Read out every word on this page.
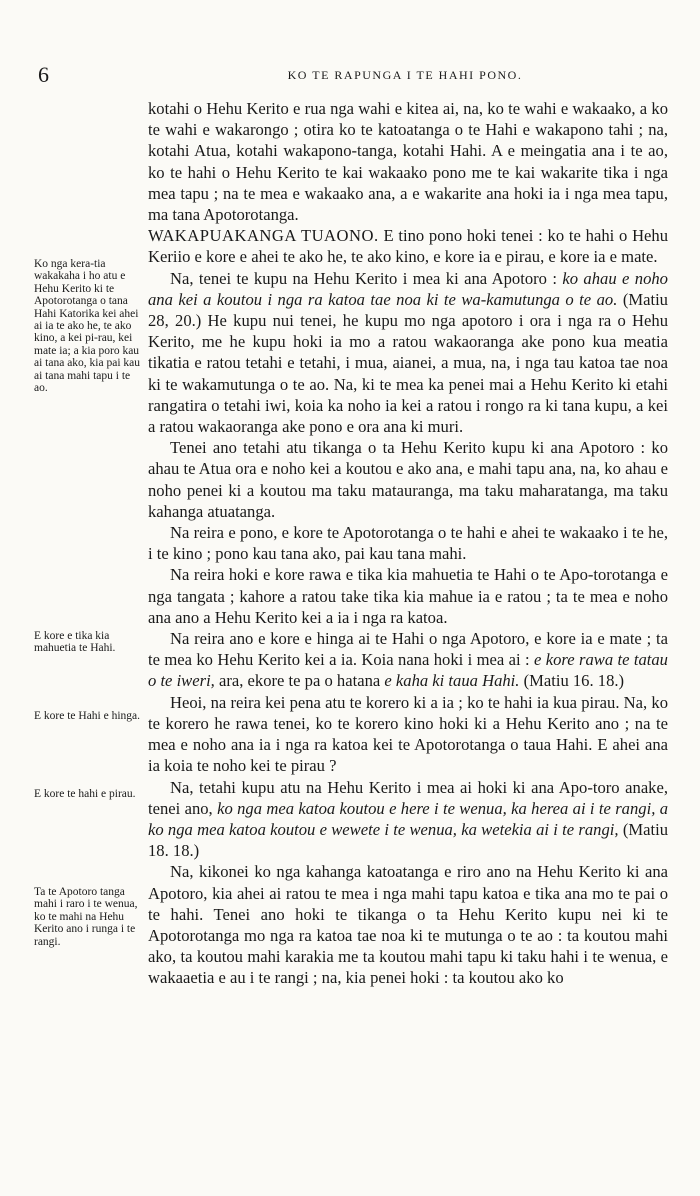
6	KO TE RAPUNGA I TE HAHI PONO.

Ko nga kera-tia wakakaha i ho atu e Hehu Kerito ki te Apotorotanga o tana Hahi Katorika kei ahei ai ia te ako he, te ako kino, a kei pi-rau, kei mate ia; a kia poro kau ai tana ako, kia pai kau ai tana mahi tapu i te ao.

E kore e tika kia mahuetia te Hahi.

E kore te Hahi e hinga.

E kore te hahi e pirau.

Ta te Apotoro tanga mahi i raro i te wenua, ko te mahi na Hehu Kerito ano i runga i te rangi.

kotahi o Hehu Kerito e rua nga wahi e kitea ai, na, ko te wahi e wakaako, a ko te wahi e wakarongo ; otira ko te katoatanga o te Hahi e wakapono tahi ; na, kotahi Atua, kotahi wakapono-tanga, kotahi Hahi. A e meingatia ana i te ao, ko te hahi o Hehu Kerito te kai wakaako pono me te kai wakarite tika i nga mea tapu ; na te mea e wakaako ana, a e wakarite ana hoki ia i nga mea tapu, ma tana Apotorotanga.

WAKAPUAKANGA TUAONO. E tino pono hoki tenei : ko te hahi o Hehu Keriio e kore e ahei te ako he, te ako kino, e kore ia e pirau, e kore ia e mate.

Na, tenei te kupu na Hehu Kerito i mea ki ana Apotoro : ko ahau e noho ana kei a koutou i nga ra katoa tae noa ki te wa-kamutunga o te ao. (Matiu 28, 20.) He kupu nui tenei, he kupu mo nga apotoro i ora i nga ra o Hehu Kerito, me he kupu hoki ia mo a ratou wakaoranga ake pono kua meatia tikatia e ratou tetahi e tetahi, i mua, aianei, a mua, na, i nga tau katoa tae noa ki te wakamutunga o te ao. Na, ki te mea ka penei mai a Hehu Kerito ki etahi rangatira o tetahi iwi, koia ka noho ia kei a ratou i rongo ra ki tana kupu, a kei a ratou wakaoranga ake pono e ora ana ki muri.

Tenei ano tetahi atu tikanga o ta Hehu Kerito kupu ki ana Apotoro : ko ahau te Atua ora e noho kei a koutou e ako ana, e mahi tapu ana, na, ko ahau e noho penei ki a koutou ma taku matauranga, ma taku maharatanga, ma taku kahanga atuatanga.

Na reira e pono, e kore te Apotorotanga o te hahi e ahei te wakaako i te he, i te kino ; pono kau tana ako, pai kau tana mahi.

Na reira hoki e kore rawa e tika kia mahuetia te Hahi o te Apo-torotanga e nga tangata ; kahore a ratou take tika kia mahue ia e ratou ; ta te mea e noho ana ano a Hehu Kerito kei a ia i nga ra katoa.

Na reira ano e kore e hinga ai te Hahi o nga Apotoro, e kore ia e mate ; ta te mea ko Hehu Kerito kei a ia. Koia nana hoki i mea ai : e kore rawa te tatau o te iweri, ara, ekore te pa o hatana e kaha ki taua Hahi. (Matiu 16. 18.)

Heoi, na reira kei pena atu te korero ki a ia ; ko te hahi ia kua pirau. Na, ko te korero he rawa tenei, ko te korero kino hoki ki a Hehu Kerito ano ; na te mea e noho ana ia i nga ra katoa kei te Apotorotanga o taua Hahi. E ahei ana ia koia te noho kei te pirau ?

Na, tetahi kupu atu na Hehu Kerito i mea ai hoki ki ana Apo-toro anake, tenei ano, ko nga mea katoa koutou e here i te wenua, ka herea ai i te rangi, a ko nga mea katoa koutou e wewete i te wenua, ka wetekia ai i te rangi, (Matiu 18. 18.)

Na, kikonei ko nga kahanga katoatanga e riro ano na Hehu Kerito ki ana Apotoro, kia ahei ai ratou te mea i nga mahi tapu katoa e tika ana mo te pai o te hahi. Tenei ano hoki te tikanga o ta Hehu Kerito kupu nei ki te Apotorotanga mo nga ra katoa tae noa ki te mutunga o te ao : ta koutou mahi ako, ta koutou mahi karakia me ta koutou mahi tapu ki taku hahi i te wenua, e wakaaetia e au i te rangi ; na, kia penei hoki : ta koutou ako ko
